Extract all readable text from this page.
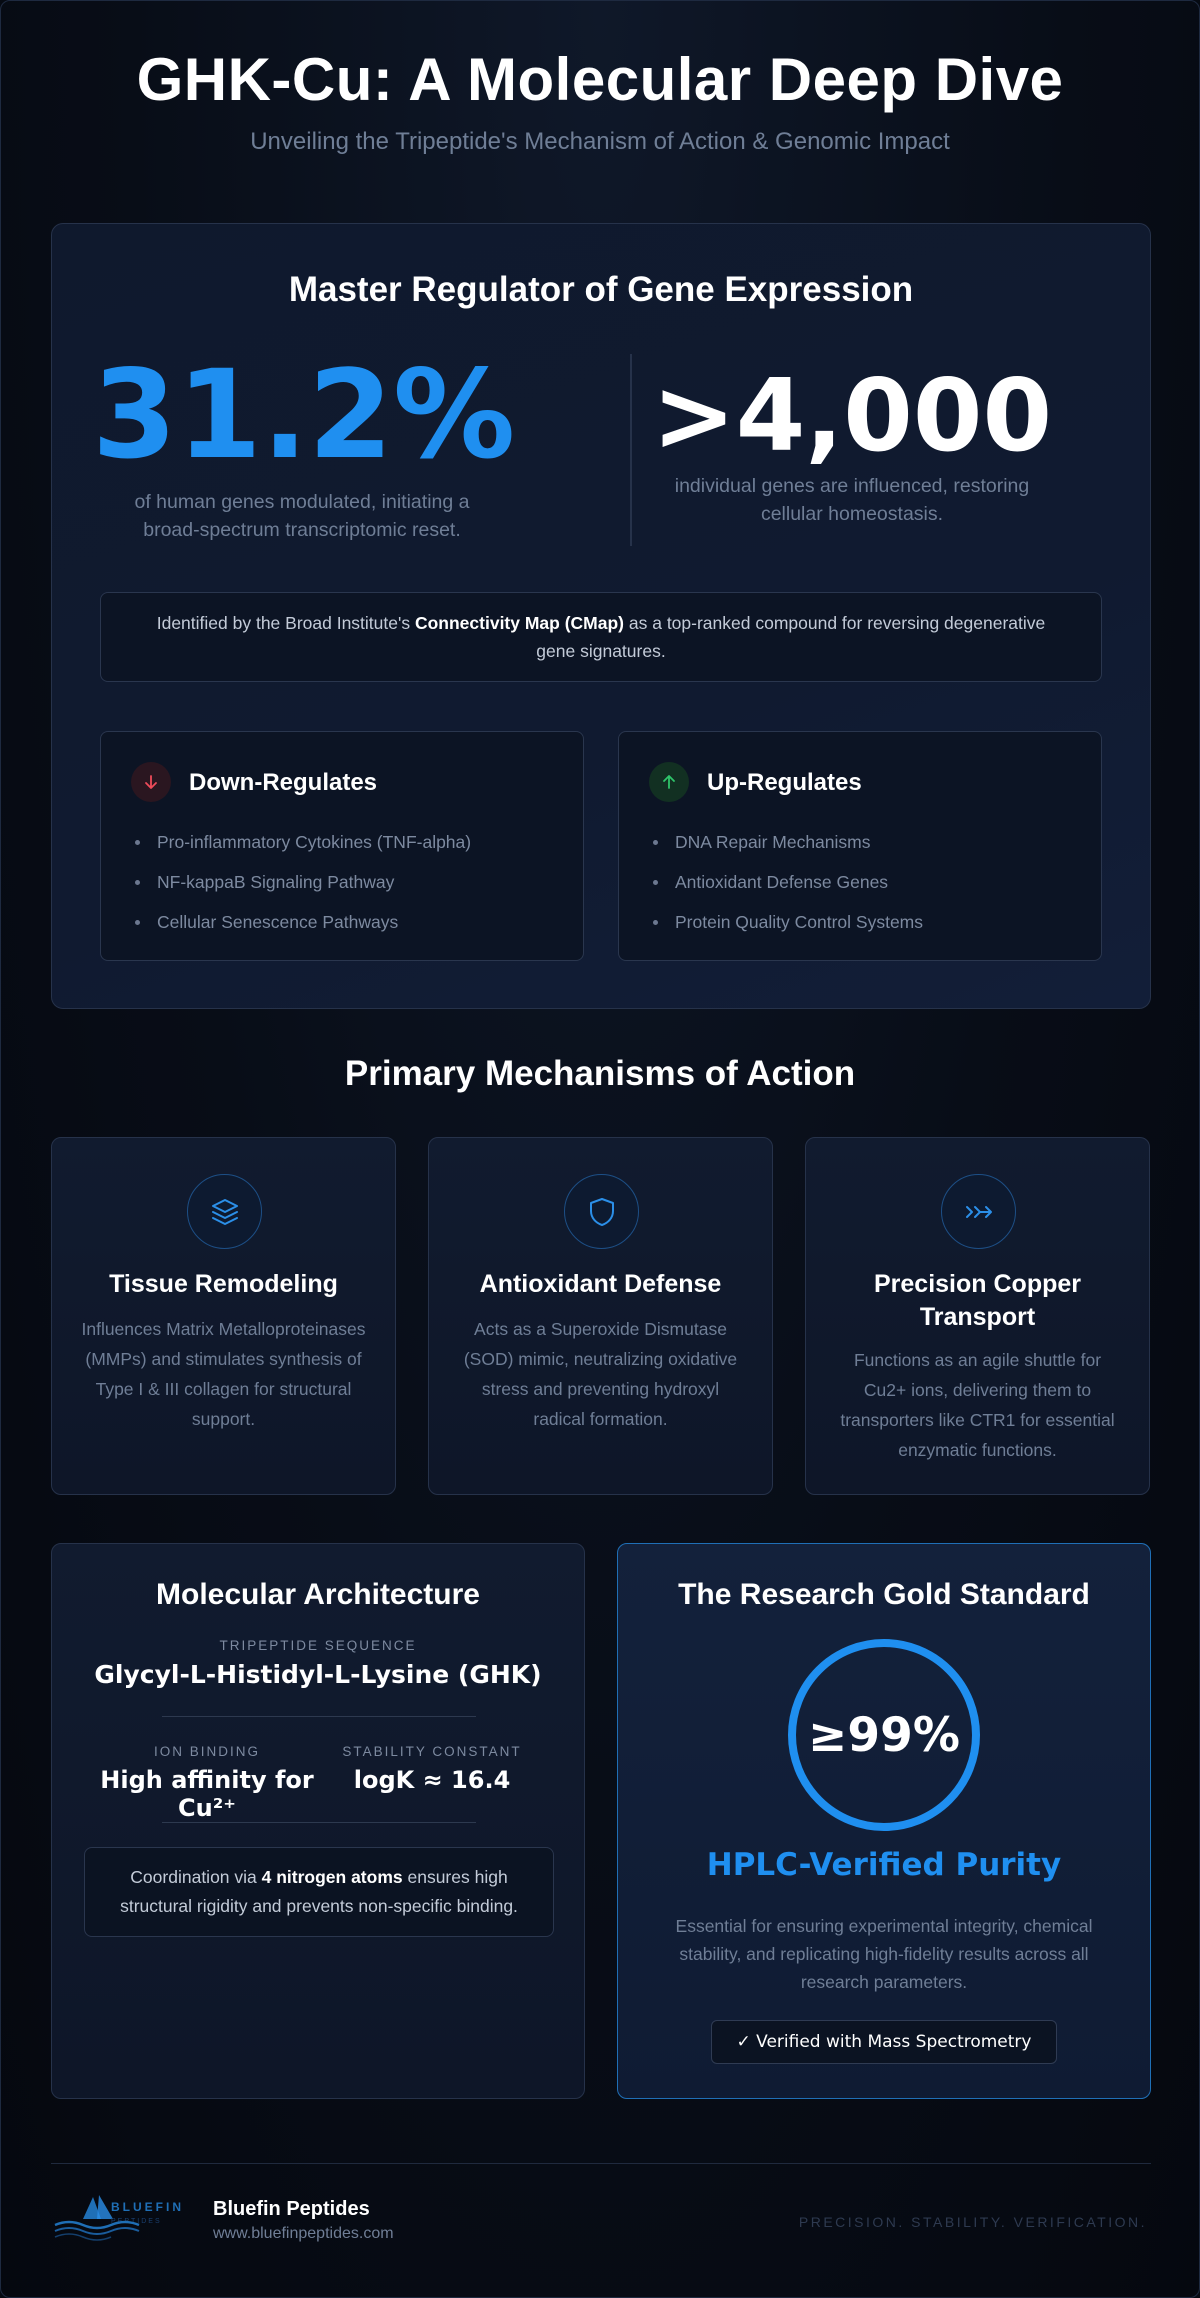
GHK-Cu: A Molecular Deep Dive
Unveiling the Tripeptide's Mechanism of Action & Genomic Impact
Master Regulator of Gene Expression
31.2%
of human genes modulated, initiating a broad-spectrum transcriptomic reset.
>4,000
individual genes are influenced, restoring cellular homeostasis.

Identified by the Broad Institute's Connectivity Map (CMap) as a top-ranked compound for reversing degenerative gene signatures.

Down-Regulates
Pro-inflammatory Cytokines (TNF-alpha)
NF-kappaB Signaling Pathway
Cellular Senescence Pathways
Up-Regulates
DNA Repair Mechanisms
Antioxidant Defense Genes
Protein Quality Control Systems
Primary Mechanisms of Action
Tissue Remodeling
Influences Matrix Metalloproteinases (MMPs) and stimulates synthesis of Type I & III collagen for structural support.
Antioxidant Defense
Acts as a Superoxide Dismutase (SOD) mimic, neutralizing oxidative stress and preventing hydroxyl radical formation.
Precision Copper Transport
Functions as an agile shuttle for Cu2+ ions, delivering them to transporters like CTR1 for essential enzymatic functions.
Molecular Architecture
TRIPEPTIDE SEQUENCE
Glycyl-L-Histidyl-L-Lysine (GHK)
ION BINDING	STABILITY CONSTANT
High affinity for Cu²⁺
logK ≈ 16.4

Coordination via 4 nitrogen atoms ensures high structural rigidity and prevents non-specific binding.

The Research Gold Standard
≥99%
HPLC-Verified Purity
Essential for ensuring experimental integrity, chemical stability, and replicating high-fidelity results across all research parameters.
✓ Verified with Mass Spectrometry
BLUEFIN
PEPTIDES
Bluefin Peptides
www.bluefinpeptides.com
PRECISION. STABILITY. VERIFICATION.
